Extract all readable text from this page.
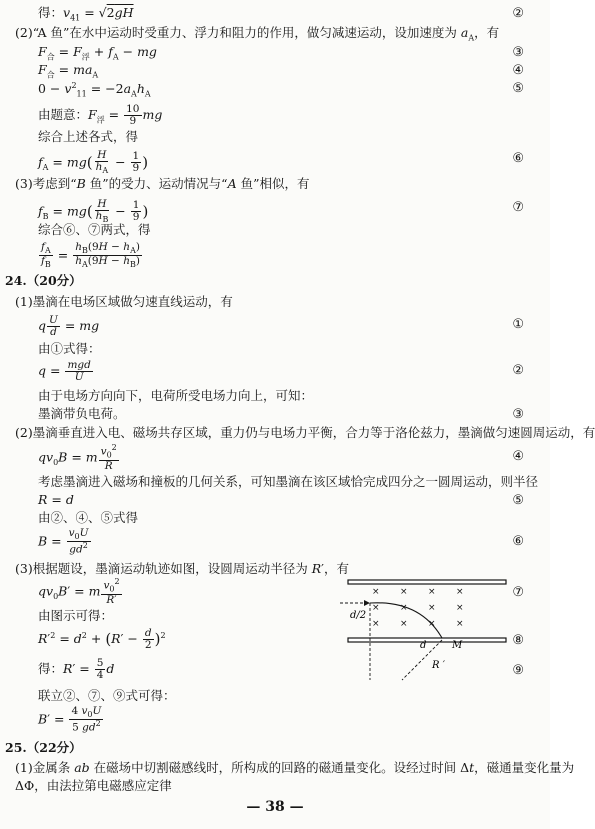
得：$v_{41} = √2gH$	②
(2)“A 鱼”在水中运动时受重力、浮力和阻力的作用，做匀减速运动，设加速度为 $a_A$，有
$F_合 = F_浮 + f_A$ − mg	③
$F_合 = ma_A$	④
$0 - v^2_{11} = -2a_Ah_A$	⑤
由题意：$F_浮 = \frac{10}{9}$ mg
综合上述各式，得
$f_A = mg( \frac{H}{h_A} - \frac{1}{9}$ )	⑥
(3)考虑到“B 鱼”的受力、运动情况与“A 鱼”相似，有
$f_B = mg( \frac{H}{h_B} - \frac{1}{9}$ )	⑦
综合⑥、⑦两式，得
$\frac{f_A}{f_B} = \frac{h_B(9H - h_A)}{h_A(9H - h_B)}$
24.（20分）
(1)墨滴在电场区域做匀速直线运动，有
q $\frac{U}{d}$ = mg	①
由①式得：
$q = \frac{\text{mgd}}{U}$	②
由于电场方向向下，电荷所受电场力向上，可知：
墨滴带负电荷。	③
(2)墨滴垂直进入电、磁场共存区域，重力仍与电场力平衡，合力等于洛伦兹力，墨滴做匀速圆周运动，有
$qv_0B = m \frac{v_0^2}{R}$	④
考虑墨滴进入磁场和撞板的几何关系，可知墨滴在该区域恰完成四分之一圆周运动，则半径
R = d	⑤
由②、④、⑤式得
$B = \frac{v_0U}{gd^2}$	⑥
(3)根据题设，墨滴运动轨迹如图，设圆周运动半径为 R′，有
$qv_0B' = m \frac{v_0^2}{R'}$	⑦
由图示可得：
$R'^2 = d^2 + (R' - \frac{d}{2} )^2$	⑧
得：$R' = \frac{5}{4}$ d	⑨
联立②、⑦、⑨式可得：
$B' = \frac{4 v_0U}{5 gd^2}$
25.（22分）
(1)金属条 ab 在磁场中切割磁感线时，所构成的回路的磁通量变化。设经过时间 Δt，磁通量变化量为
ΔΦ，由法拉第电磁感应定律
× × × ×
× × × ×
× × × ×
d/2
d	M
R ′
— 38 —
